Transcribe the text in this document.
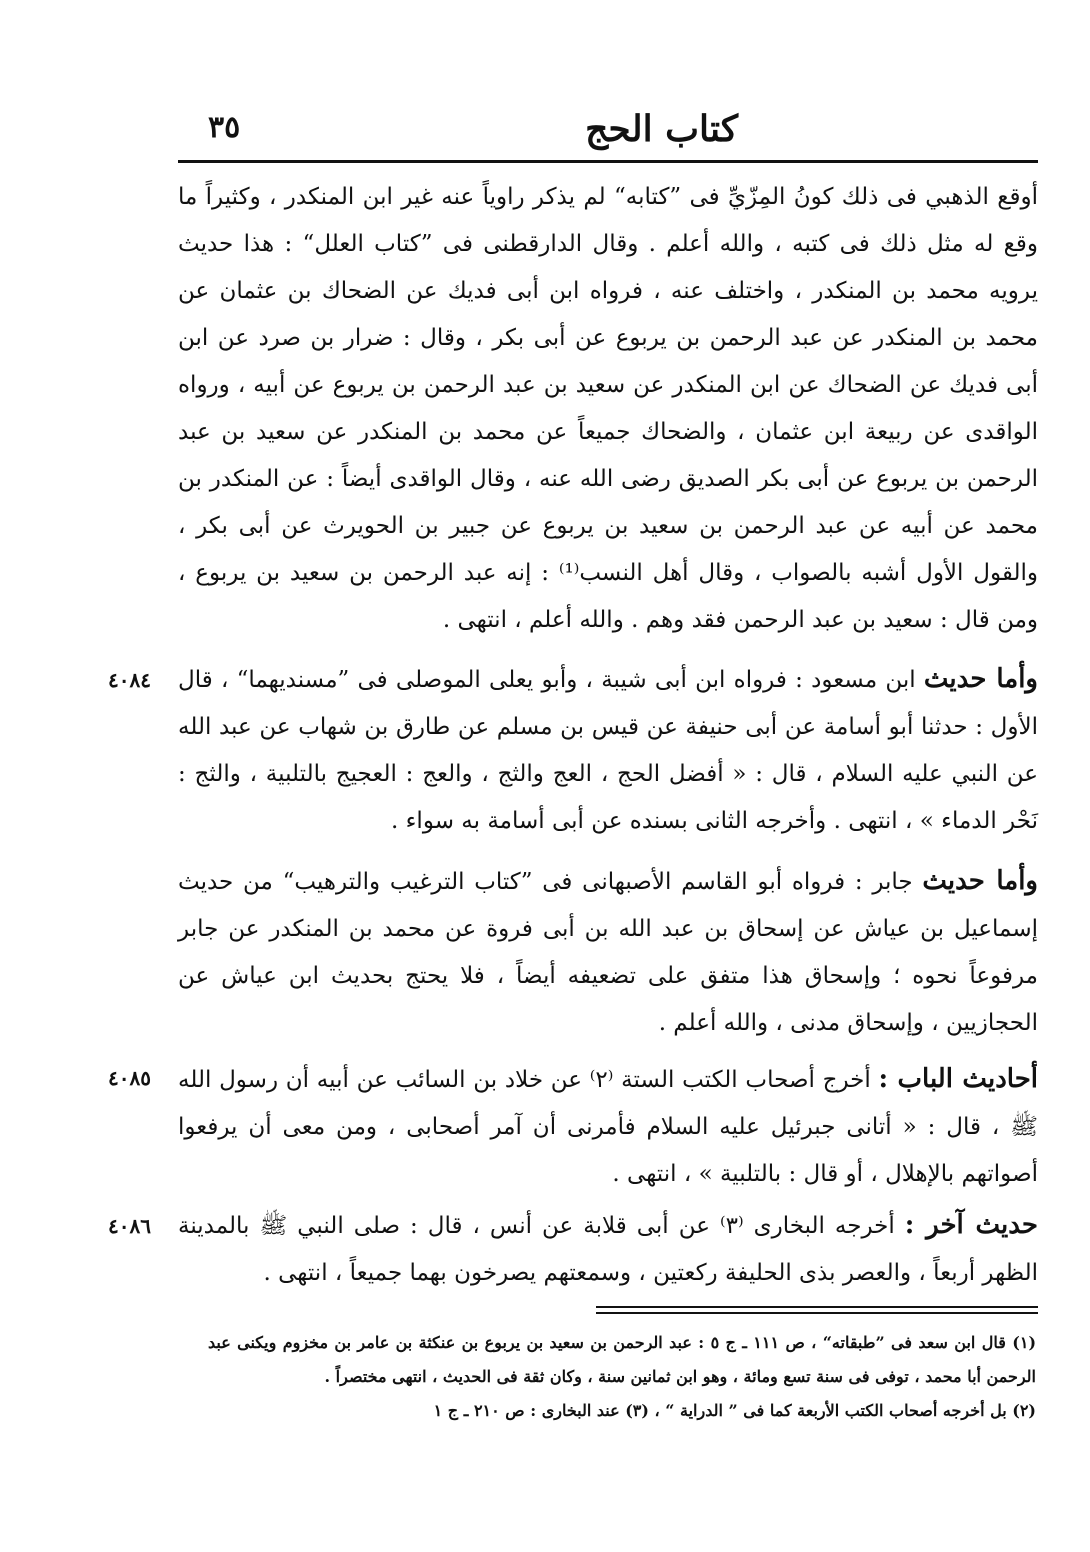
كتاب الحج
٣٥

أوقع الذهبي فى ذلك كونُ المِزّيِّ فى ”كتابه“ لم يذكر راوياً عنه غير ابن المنكدر ، وكثيراً ما وقع له مثل ذلك فى كتبه ، والله أعلم . وقال الدارقطنى فى ”كتاب العلل“ : هذا حديث يرويه محمد بن المنكدر ، واختلف عنه ، فرواه ابن أبى فديك عن الضحاك بن عثمان عن محمد بن المنكدر عن عبد الرحمن بن يربوع عن أبى بكر ، وقال : ضرار بن صرد عن ابن أبى فديك عن الضحاك عن ابن المنكدر عن سعيد بن عبد الرحمن بن يربوع عن أبيه ، ورواه الواقدى عن ربيعة ابن عثمان ، والضحاك جميعاً عن محمد بن المنكدر عن سعيد بن عبد الرحمن بن يربوع عن أبى بكر الصديق رضى الله عنه ، وقال الواقدى أيضاً : عن المنكدر بن محمد عن أبيه عن عبد الرحمن بن سعيد بن يربوع عن جبير بن الحويرث عن أبى بكر ، والقول الأول أشبه بالصواب ، وقال أهل النسب⁽¹⁾ : إنه عبد الرحمن بن سعيد بن يربوع ، ومن قال : سعيد بن عبد الرحمن فقد وهم . والله أعلم ، انتهى .

٤٠٨٤	وأما حديث ابن مسعود : فرواه ابن أبى شيبة ، وأبو يعلى الموصلى فى ”مسنديهما“ ، قال الأول : حدثنا أبو أسامة عن أبى حنيفة عن قيس بن مسلم عن طارق بن شهاب عن عبد الله عن النبي عليه السلام ، قال : « أفضل الحج ، العج والثج ، والعج : العجيج بالتلبية ، والثج : نَحْر الدماء » ، انتهى . وأخرجه الثانى بسنده عن أبى أسامة به سواء .

وأما حديث جابر : فرواه أبو القاسم الأصبهانى فى ”كتاب الترغيب والترهيب“ من حديث إسماعيل بن عياش عن إسحاق بن عبد الله بن أبى فروة عن محمد بن المنكدر عن جابر مرفوعاً نحوه ؛ وإسحاق هذا متفق على تضعيفه أيضاً ، فلا يحتج بحديث ابن عياش عن الحجازيين ، وإسحاق مدنى ، والله أعلم .

٤٠٨٥	أحاديث الباب : أخرج أصحاب الكتب الستة ⁽٢⁾ عن خلاد بن السائب عن أبيه أن رسول الله ﷺ ، قال : « أتانى جبرئيل عليه السلام فأمرنى أن آمر أصحابى ، ومن معى أن يرفعوا أصواتهم بالإهلال ، أو قال : بالتلبية » ، انتهى .

٤٠٨٦	حديث آخر : أخرجه البخارى ⁽٣⁾ عن أبى قلابة عن أنس ، قال : صلى النبي ﷺ بالمدينة الظهر أربعاً ، والعصر بذى الحليفة ركعتين ، وسمعتهم يصرخون بهما جميعاً ، انتهى .

(١) قال ابن سعد فى ”طبقاته“ ، ص ١١١ ـ ج ٥ : عبد الرحمن بن سعيد بن يربوع بن عنكثة بن عامر بن مخزوم ويكنى عبد الرحمن أبا محمد ، توفى فى سنة تسع ومائة ، وهو ابن ثمانين سنة ، وكان ثقة فى الحديث ، انتهى مختصراً .

(٢) بل أخرجه أصحاب الكتب الأربعة كما فى ” الدراية “ ، (٣) عند البخارى : ص ٢١٠ ـ ج ١
